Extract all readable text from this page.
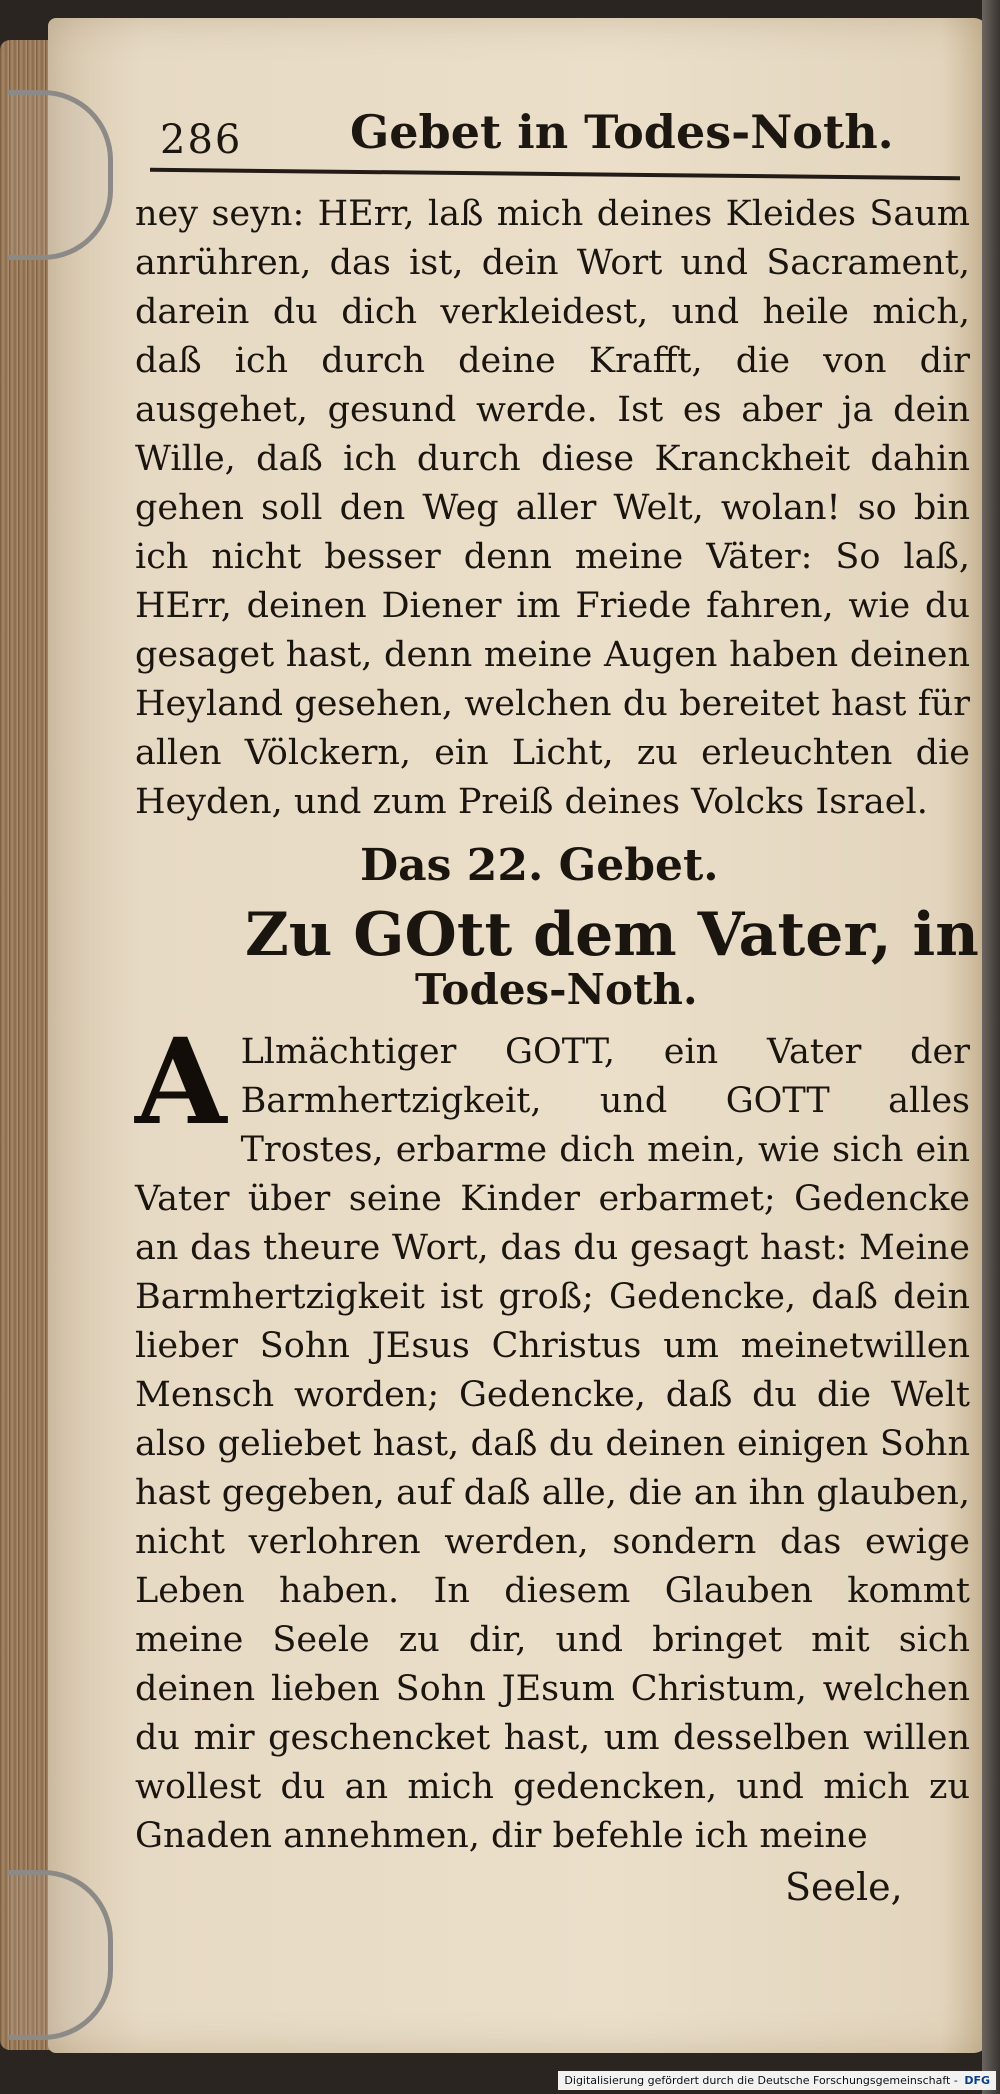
286 Gebet in Todes-Noth.
ney seyn: HErr, laß mich deines Kleides Saum anrühren, das ist, dein Wort und Sacrament, darein du dich verkleidest, und heile mich, daß ich durch deine Krafft, die von dir ausgehet, gesund werde. Ist es aber ja dein Wille, daß ich durch diese Kranckheit dahin gehen soll den Weg aller Welt, wolan! so bin ich nicht besser denn meine Väter: So laß, HErr, deinen Diener im Friede fahren, wie du gesaget hast, denn meine Augen haben deinen Heyland gesehen, welchen du bereitet hast für allen Völckern, ein Licht, zu erleuchten die Heyden, und zum Preiß deines Volcks Israel.
Das 22. Gebet.
Zu GOtt dem Vater, in
Todes-Noth.
A Llmächtiger GOTT, ein Vater der Barmhertzigkeit, und GOTT alles Trostes, erbarme dich mein, wie sich ein Vater über seine Kinder erbarmet; Gedencke an das theure Wort, das du gesagt hast: Meine Barmhertzigkeit ist groß; Gedencke, daß dein lieber Sohn JEsus Christus um meinetwillen Mensch worden; Gedencke, daß du die Welt also geliebet hast, daß du deinen einigen Sohn hast gegeben, auf daß alle, die an ihn glauben, nicht verlohren werden, sondern das ewige Leben haben. In diesem Glauben kommt meine Seele zu dir, und bringet mit sich deinen lieben Sohn JEsum Christum, welchen du mir geschencket hast, um desselben willen wollest du an mich gedencken, und mich zu Gnaden annehmen, dir befehle ich meine
Seele,
Digitalisierung gefördert durch die Deutsche Forschungsgemeinschaft - DFG
